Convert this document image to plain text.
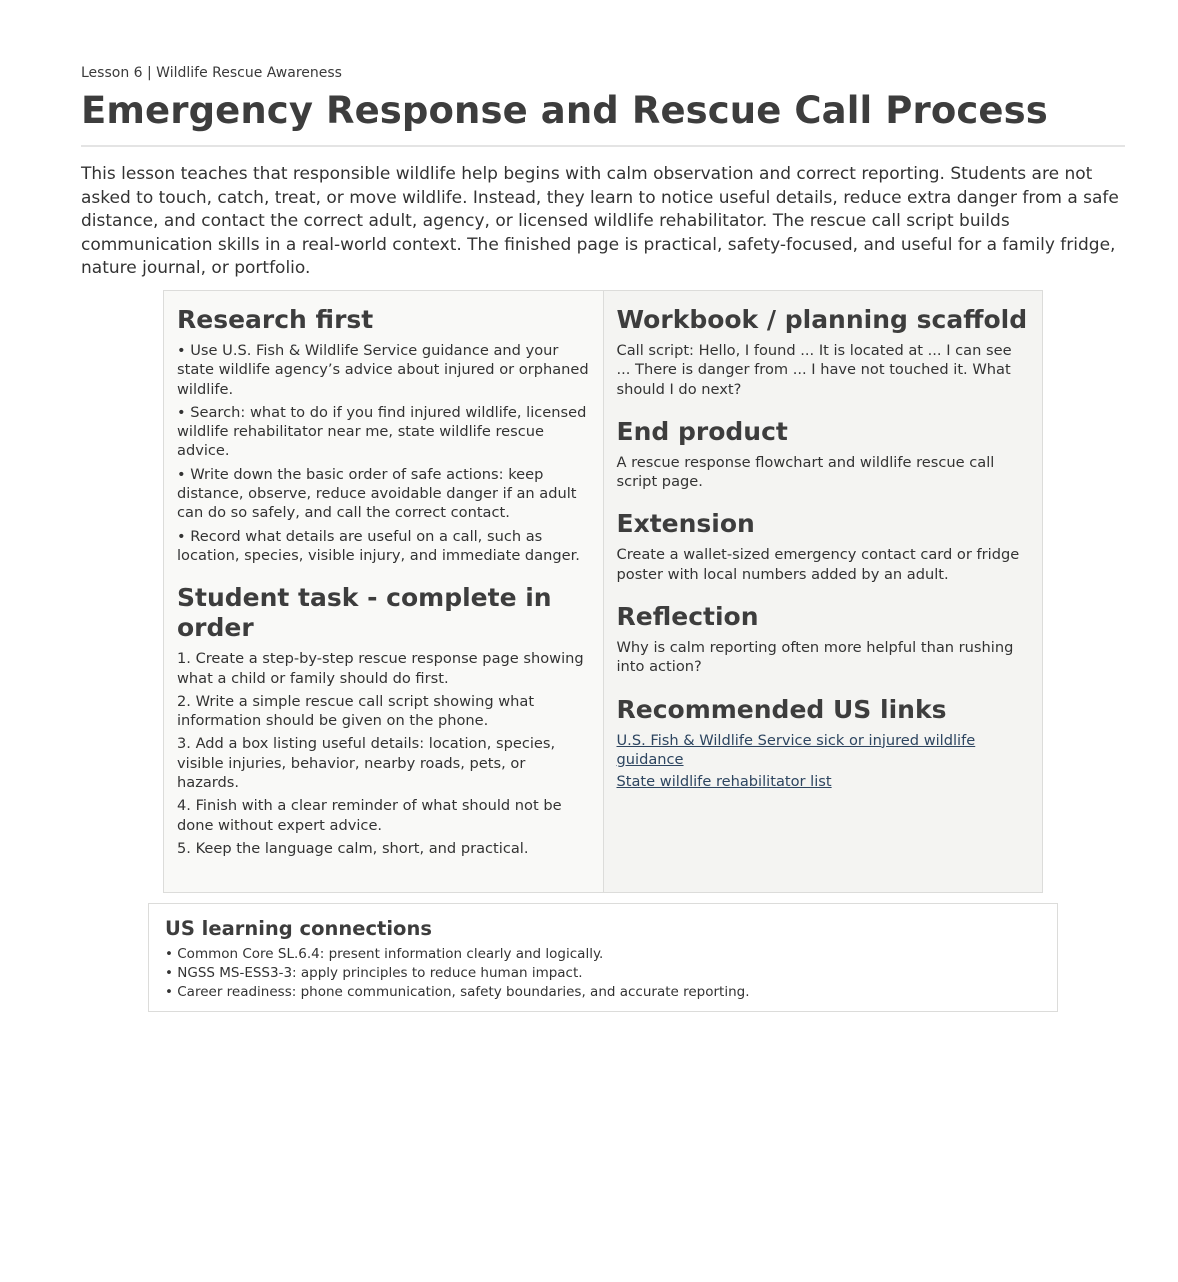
Lesson 6 | Wildlife Rescue Awareness

Emergency Response and Rescue Call Process

This lesson teaches that responsible wildlife help begins with calm observation and correct reporting. Students are not asked to touch, catch, treat, or move wildlife. Instead, they learn to notice useful details, reduce extra danger from a safe distance, and contact the correct adult, agency, or licensed wildlife rehabilitator. The rescue call script builds communication skills in a real-world context. The finished page is practical, safety-focused, and useful for a family fridge, nature journal, or portfolio.

Research first

• Use U.S. Fish & Wildlife Service guidance and your state wildlife agency’s advice about injured or orphaned wildlife.

• Search: what to do if you find injured wildlife, licensed wildlife rehabilitator near me, state wildlife rescue advice.

• Write down the basic order of safe actions: keep distance, observe, reduce avoidable danger if an adult can do so safely, and call the correct contact.

• Record what details are useful on a call, such as location, species, visible injury, and immediate danger.

Student task - complete in order

1. Create a step-by-step rescue response page showing what a child or family should do first.

2. Write a simple rescue call script showing what information should be given on the phone.

3. Add a box listing useful details: location, species, visible injuries, behavior, nearby roads, pets, or hazards.

4. Finish with a clear reminder of what should not be done without expert advice.

5. Keep the language calm, short, and practical.

Workbook / planning scaffold

Call script: Hello, I found ... It is located at ... I can see ... There is danger from ... I have not touched it. What should I do next?

End product

A rescue response flowchart and wildlife rescue call script page.

Extension

Create a wallet-sized emergency contact card or fridge poster with local numbers added by an adult.

Reflection

Why is calm reporting often more helpful than rushing into action?

Recommended US links
U.S. Fish & Wildlife Service sick or injured wildlife guidance
State wildlife rehabilitator list
US learning connections

• Common Core SL.6.4: present information clearly and logically.

• NGSS MS-ESS3-3: apply principles to reduce human impact.

• Career readiness: phone communication, safety boundaries, and accurate reporting.
